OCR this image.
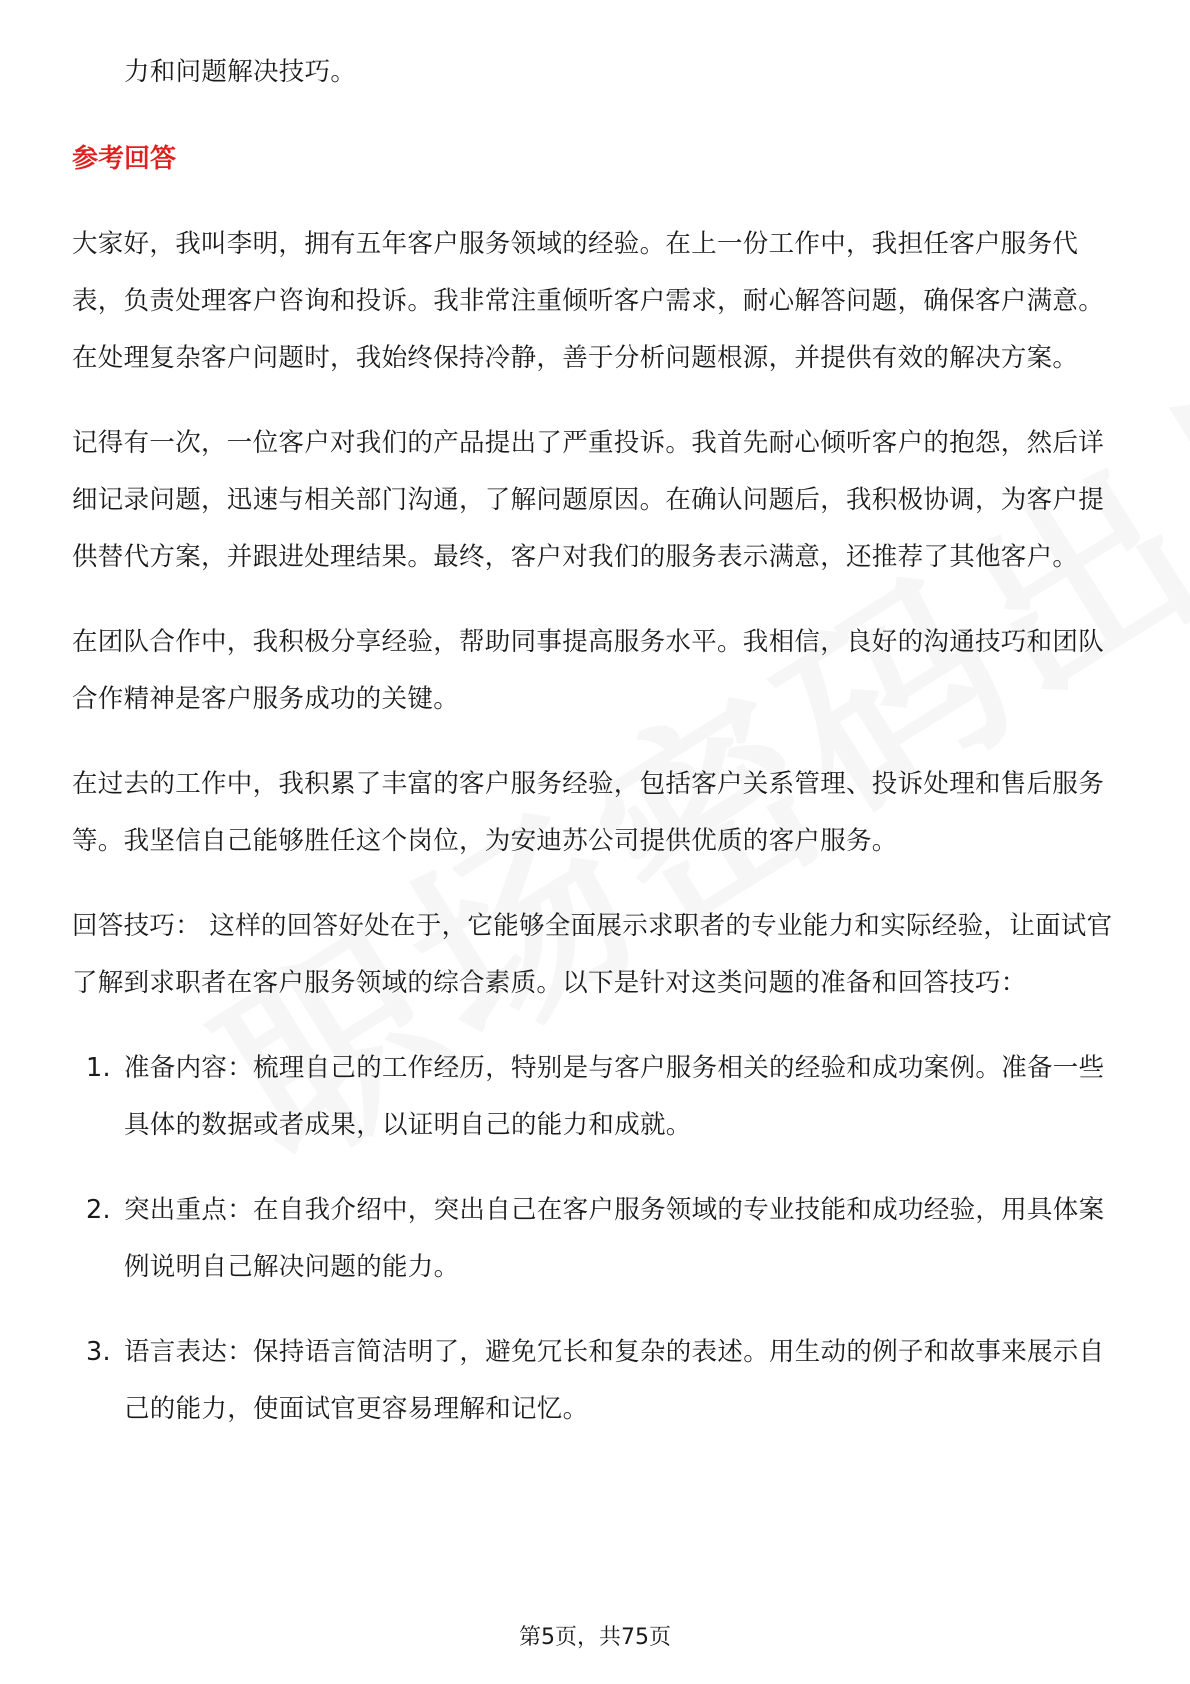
力和问题解决技巧。

参考回答

大家好，我叫李明，拥有五年客户服务领域的经验。在上一份工作中，我担任客户服务代表，负责处理客户咨询和投诉。我非常注重倾听客户需求，耐心解答问题，确保客户满意。在处理复杂客户问题时，我始终保持冷静，善于分析问题根源，并提供有效的解决方案。

记得有一次，一位客户对我们的产品提出了严重投诉。我首先耐心倾听客户的抱怨，然后详细记录问题，迅速与相关部门沟通，了解问题原因。在确认问题后，我积极协调，为客户提供替代方案，并跟进处理结果。最终，客户对我们的服务表示满意，还推荐了其他客户。

在团队合作中，我积极分享经验，帮助同事提高服务水平。我相信，良好的沟通技巧和团队合作精神是客户服务成功的关键。

在过去的工作中，我积累了丰富的客户服务经验，包括客户关系管理、投诉处理和售后服务等。我坚信自己能够胜任这个岗位，为安迪苏公司提供优质的客户服务。

回答技巧： 这样的回答好处在于，它能够全面展示求职者的专业能力和实际经验，让面试官了解到求职者在客户服务领域的综合素质。以下是针对这类问题的准备和回答技巧：

1. 准备内容：梳理自己的工作经历，特别是与客户服务相关的经验和成功案例。准备一些具体的数据或者成果，以证明自己的能力和成就。
2. 突出重点：在自我介绍中，突出自己在客户服务领域的专业技能和成功经验，用具体案例说明自己解决问题的能力。
3. 语言表达：保持语言简洁明了，避免冗长和复杂的表述。用生动的例子和故事来展示自己的能力，使面试官更容易理解和记忆。
第5页，共75页
